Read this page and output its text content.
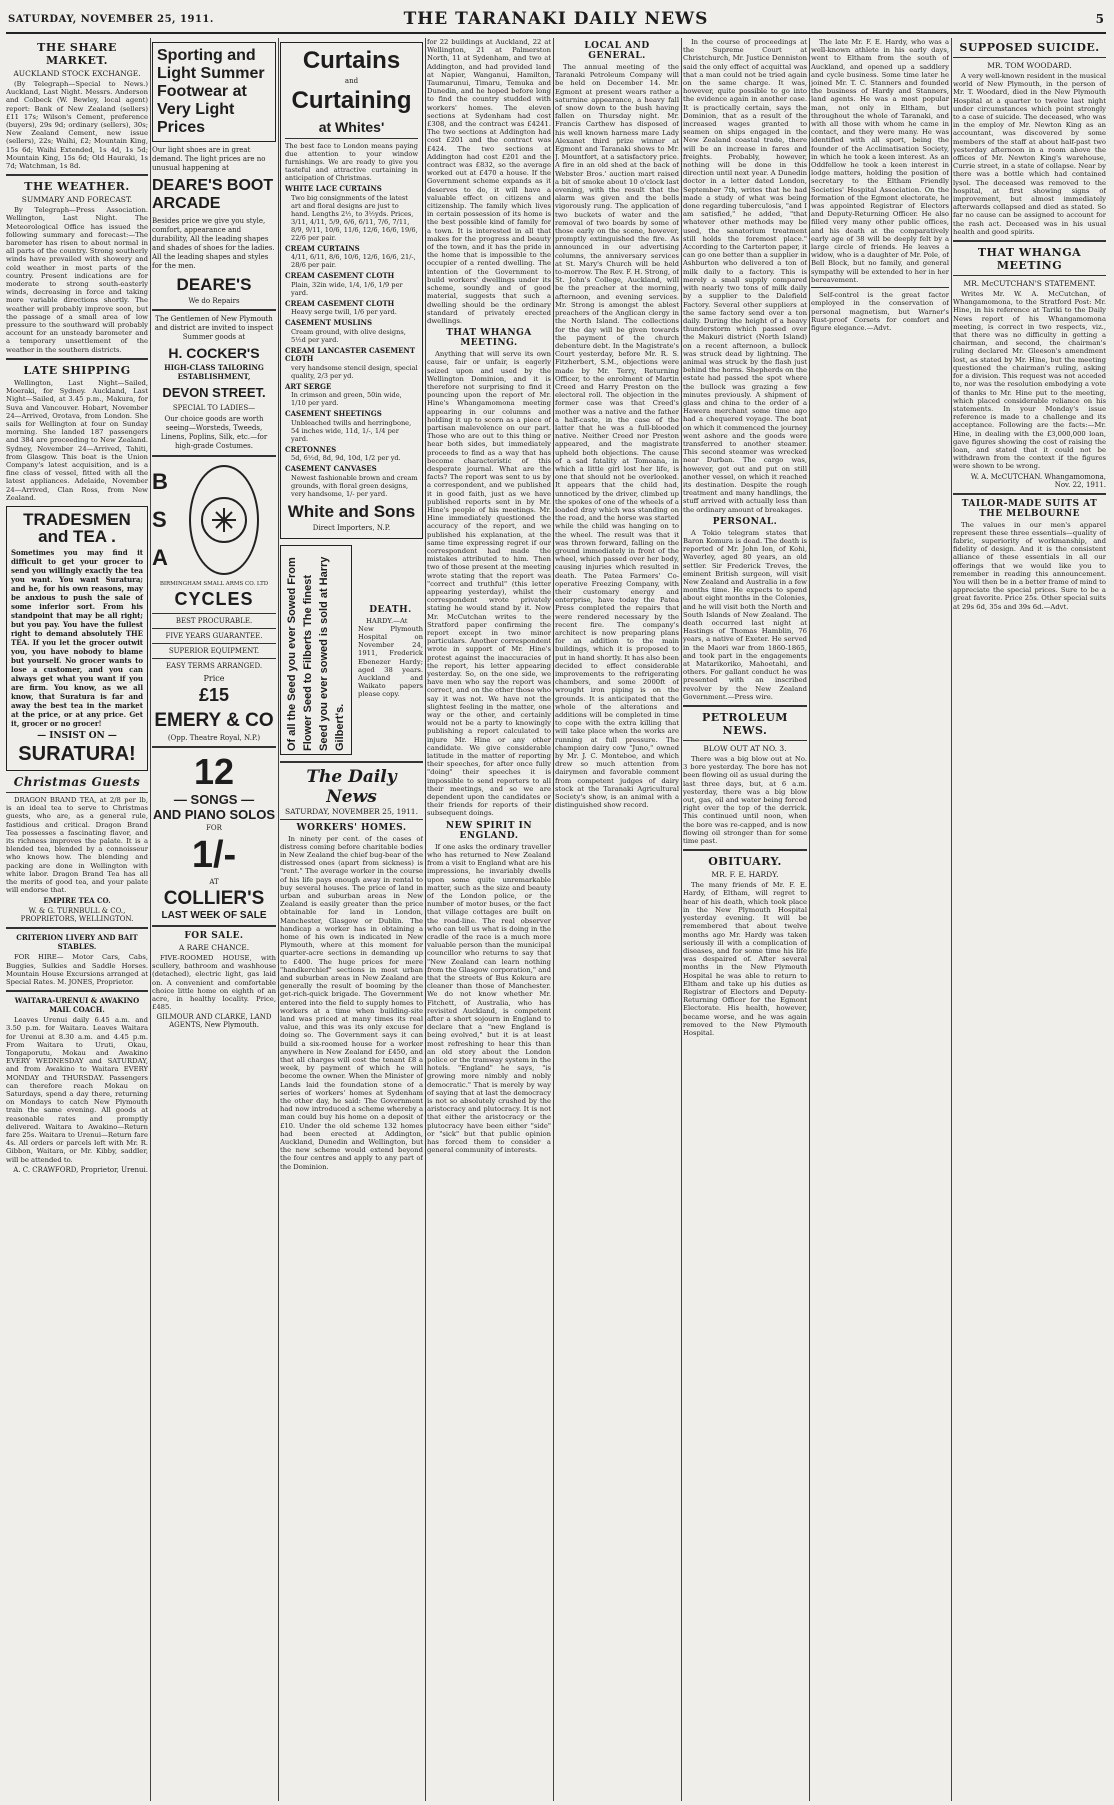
SATURDAY, NOVEMBER 25, 1911.	THE TARANAKI DAILY NEWS	5
THE SHARE MARKET.
AUCKLAND STOCK EXCHANGE.

(By Telegraph—Special to News.) Auckland, Last Night. Messrs. Anderson and Colbeck (W. Bewley, local agent) report: Bank of New Zealand (sellers) £11 17s; Wilson's Cement, preference (buyers), 29s 9d; ordinary (sellers), 30s; New Zealand Cement, new issue (sellers), 22s; Waihi, £2; Mountain King, 15s 6d; Waihi Extended, 1s 4d, 1s 5d; Mountain King, 15s 6d; Old Hauraki, 1s 7d; Watchman, 1s 8d.

THE WEATHER.
SUMMARY AND FORECAST.

By Telegraph—Press Association. Wellington, Last Night. The Meteorological Office has issued the following summary and forecast:—The barometer has risen to about normal in all parts of the country. Strong southerly winds have prevailed with showery and cold weather in most parts of the country. Present indications are for moderate to strong south-easterly winds, decreasing in force and taking more variable directions shortly. The weather will probably improve soon, but the passage of a small area of low pressure to the southward will probably account for an unsteady barometer and a temporary unsettlement of the weather in the southern districts.

LATE SHIPPING

Wellington, Last Night—Sailed, Moeraki, for Sydney. Auckland, Last Night—Sailed, at 3.45 p.m., Makura, for Suva and Vancouver. Hobart, November 24—Arrived, Orotava, from London. She sails for Wellington at four on Sunday morning. She landed 187 passengers and 384 are proceeding to New Zealand. Sydney, November 24—Arrived, Tahiti, from Glasgow. This boat is the Union Company's latest acquisition, and is a fine class of vessel, fitted with all the latest appliances. Adelaide, November 24—Arrived, Clan Ross, from New Zealand.

TRADESMEN and TEA .
Sometimes you may find it difficult to get your grocer to send you willingly exactly the tea you want. You want Suratura; and he, for his own reasons, may be anxious to push the sale of some inferior sort. From his standpoint that may be all right; but you pay. You have the fullest right to demand absolutely THE TEA. If you let the grocer outwit you, you have nobody to blame but yourself. No grocer wants to lose a customer, and you can always get what you want if you are firm. You know, as we all know, that Suratura is far and away the best tea in the market at the price, or at any price. Get it, grocer or no grocer!
— INSIST ON —
SURATURA!
Christmas Guests

DRAGON BRAND TEA, at 2/8 per lb, is an ideal tea to serve to Christmas guests, who are, as a general rule, fastidious and critical. Dragon Brand Tea possesses a fascinating flavor, and its richness improves the palate. It is a blended tea, blended by a connoisseur who knows how. The blending and packing are done in Wellington with white labor. Dragon Brand Tea has all the merits of good tea, and your palate will endorse that.

EMPIRE TEA CO.
W. & G. TURNBULL & CO., PROPRIETORS, WELLINGTON.
CRITERION LIVERY AND BAIT STABLES.

FOR HIRE— Motor Cars, Cabs, Buggies, Sulkies and Saddle Horses. Mountain House Excursions arranged at Special Rates. M. JONES, Proprietor.

WAITARA-URENUI & AWAKINO MAIL COACH.

Leaves Urenui daily 6.45 a.m. and 3.50 p.m. for Waitara. Leaves Waitara for Urenui at 8.30 a.m. and 4.45 p.m. From Waitara to Uruti, Okau, Tongaporutu, Mokau and Awakino EVERY WEDNESDAY and SATURDAY, and from Awakino to Waitara EVERY MONDAY and THURSDAY. Passengers can therefore reach Mokau on Saturdays, spend a day there, returning on Mondays to catch New Plymouth train the same evening. All goods at reasonable rates and promptly delivered. Waitara to Awakino—Return fare 25s. Waitara to Urenui—Return fare 4s. All orders or parcels left with Mr. R. Gibbon, Waitara, or Mr. Kibby, saddler, will be attended to.

A. C. CRAWFORD, Proprietor, Urenui.
Sporting and Light Summer Footwear at Very Light Prices
Our light shoes are in great demand. The light prices are no unusual happening at
DEARE'S BOOT ARCADE
Besides price we give you style, comfort, appearance and durability, All the leading shapes and shades of shoes for the ladies. All the leading shapes and styles for the men.
DEARE'S
We do Repairs
The Gentlemen of New Plymouth and district are invited to inspect Summer goods at
H. COCKER'S
HIGH-CLASS TAILORING ESTABLISHMENT,
DEVON STREET.
SPECIAL TO LADIES—
Our choice goods are worth seeing—Worsteds, Tweeds, Linens, Poplins, Silk, etc.—for high-grade Costumes.
B S A
BIRMINGHAM SMALL ARMS CO. LTD
CYCLES
BEST PROCURABLE.
FIVE YEARS GUARANTEE.
SUPERIOR EQUIPMENT.
EASY TERMS ARRANGED.
Price
£15
EMERY & CO
(Opp. Theatre Royal, N.P.)
12
— SONGS —
AND PIANO SOLOS
FOR
1/-
AT
COLLIER'S
LAST WEEK OF SALE
FOR SALE.
A RARE CHANCE.

FIVE-ROOMED HOUSE, with scullery, bathroom and washhouse (detached), electric light, gas laid on. A convenient and comfortable choice little home on eighth of an acre, in healthy locality. Price, £485.

GILMOUR AND CLARKE, LAND AGENTS, New Plymouth.
Curtains
and
Curtaining
at Whites'
The best face to London means paying due attention to your window furnishings. We are ready to give you tasteful and attractive curtaining in anticipation of Christmas.
WHITE LACE CURTAINS
Two big consignments of the latest art and floral designs are just to hand. Lengths 2½, to 3½yds. Prices, 3/11, 4/11, 5/9, 6/6, 6/11, 7/6, 7/11, 8/9, 9/11, 10/6, 11/6, 12/6, 16/6, 19/6, 22/6 per pair.
CREAM CURTAINS
4/11, 6/11, 8/6, 10/6, 12/6, 16/6, 21/-, 28/6 per pair.
CREAM CASEMENT CLOTH
Plain, 32in wide, 1/4, 1/6, 1/9 per yard.
CREAM CASEMENT CLOTH
Heavy serge twill, 1/6 per yard.
CASEMENT MUSLINS
Cream ground, with olive designs, 5½d per yard.
CREAM LANCASTER CASEMENT CLOTH
very handsome stencil design, special quality, 2/3 per yd.
ART SERGE
In crimson and green, 50in wide, 1/10 per yard.
CASEMENT SHEETINGS
Unbleached twills and herringbone, 54 inches wide, 11d, 1/-, 1/4 per yard.
CRETONNES
5d, 6½d, 8d, 9d, 10d, 1/2 per yd.
CASEMENT CANVASES
Newest fashionable brown and cream grounds, with floral green designs, very handsome, 1/- per yard.
White and Sons
Direct Importers, N.P.
Of all the Seed you ever Sowed From Flower Seed to Filberts The finest Seed you ever sowed is sold at Harry Gilbert's.
DEATH.

HARDY.—At New Plymouth Hospital on November 24, 1911, Frederick Ebenezer Hardy; aged 38 years. Auckland and Waikato papers please copy.

The Daily News
SATURDAY, NOVEMBER 25, 1911.
WORKERS' HOMES.

In ninety per cent. of the cases of distress coming before charitable bodies in New Zealand the chief bug-bear of the distressed ones (apart from sickness) is "rent." The average worker in the course of his life pays enough away in rental to buy several houses. The price of land in urban and suburban areas in New Zealand is easily greater than the price obtainable for land in London, Manchester, Glasgow or Dublin. The handicap a worker has in obtaining a home of his own is indicated in New Plymouth, where at this moment for quarter-acre sections in demanding up to £400. The huge prices for mere "handkerchief" sections in most urban and suburban areas in New Zealand are generally the result of booming by the get-rich-quick brigade. The Government entered into the field to supply homes to workers at a time when building-site land was priced at many times its real value, and this was its only excuse for doing so. The Government says it can build a six-roomed house for a worker anywhere in New Zealand for £450, and that all charges will cost the tenant £8 a week, by payment of which he will become the owner. When the Minister of Lands laid the foundation stone of a series of workers' homes at Sydenham the other day, he said: The Government had now introduced a scheme whereby a man could buy his home on a deposit of £10. Under the old scheme 132 homes had been erected at Addington, Auckland, Dunedin and Wellington, but the new scheme would extend beyond the four centres and apply to any part of the Dominion.

for 22 buildings at Auckland, 22 at Wellington, 21 at Palmerston North, 11 at Sydenham, and two at Addington, and had provided land at Napier, Wanganui, Hamilton, Taumarunui, Timaru, Temuka and Dunedin, and he hoped before long to find the country studded with workers' homes. The eleven sections at Sydenham had cost £308, and the contract was £4241. The two sections at Addington had cost £201 and the contract was £424. The two sections at Addington had cost £201 and the contract was £832, so the average worked out at £470 a house. If the Government scheme expands as it deserves to do, it will have a valuable effect on citizens and citizenship. The family which lives in certain possession of its home is the best possible kind of family for a town. It is interested in all that makes for the progress and beauty of the town, and it has the pride in the home that is impossible to the occupier of a rented dwelling. The intention of the Government to build workers' dwellings under its scheme, soundly and of good material, suggests that such a dwelling should be the ordinary standard of privately erected dwellings.

THAT WHANGA MEETING.

Anything that will serve its own cause, fair or unfair, is eagerly seized upon and used by the Wellington Dominion, and it is therefore not surprising to find it pouncing upon the report of Mr. Hine's Whangamomona meeting appearing in our columns and holding it up to scorn as a piece of partisan malevolence on our part. Those who are out to this thing or hear both sides, but immediately proceeds to find as a way that has become characteristic of this desperate journal. What are the facts? The report was sent to us by a correspondent, and we published it in good faith, just as we have published reports sent in by Mr. Hine's people of his meetings. Mr. Hine immediately questioned the accuracy of the report, and we published his explanation, at the same time expressing regret if our correspondent had made the mistakes attributed to him. Then two of those present at the meeting wrote stating that the report was "correct and truthful" (this letter appearing yesterday), whilst the correspondent wrote privately stating he would stand by it. Now Mr. McCutchan writes to the Stratford paper confirming the report except in two minor particulars. Another correspondent wrote in support of Mr. Hine's protest against the inaccuracies of the report, his letter appearing yesterday. So, on the one side, we have men who say the report was correct, and on the other those who say it was not. We have not the slightest feeling in the matter, one way or the other, and certainly would not be a party to knowingly publishing a report calculated to injure Mr. Hine or any other candidate. We give considerable latitude in the matter of reporting their speeches, for after once fully "doing" their speeches it is impossible to send reporters to all their meetings, and so we are dependent upon the candidates or their friends for reports of their subsequent doings.

NEW SPIRIT IN ENGLAND.

If one asks the ordinary traveller who has returned to New Zealand from a visit to England what are his impressions, he invariably dwells upon some quite unremarkable matter, such as the size and beauty of the London police, or the number of motor buses, or the fact that village cottages are built on the road-line. The real observer who can tell us what is doing in the cradle of the race is a much more valuable person than the municipal councillor who returns to say that "New Zealand can learn nothing from the Glasgow corporation," and that the streets of Bus Kokura are cleaner than those of Manchester. We do not know whether Mr. Fitchett, of Australia, who has revisited Auckland, is competent after a short sojourn in England to declare that a "new England is being evolved," but it is at least most refreshing to hear this than an old story about the London police or the tramway system in the hotels. "England" he says, "is growing more nimbly and nobly democratic." That is merely by way of saying that at last the democracy is not so absolutely crushed by the aristocracy and plutocracy. It is not that either the aristocracy or the plutocracy have been either "side" or "sick" but that public opinion has forced them to consider a general community of interests.

LOCAL AND GENERAL.

The annual meeting of the Taranaki Petroleum Company will be held on December 14. Mr. Egmont at present wears rather a saturnine appearance, a heavy fall of snow down to the bush having fallen on Thursday night. Mr. Francis Carthew has disposed of his well known harness mare Lady Alexanet third prize winner at Egmont and Taranaki shows to Mr. J. Mountfort, at a satisfactory price. A fire in an old shed at the back of Webster Bros.' auction mart raised a bit of smoke about 10 o'clock last evening, with the result that the alarm was given and the bells vigorously rung. The application of two buckets of water and the removal of two boards by some of those early on the scene, however, promptly extinguished the fire. As announced in our advertising columns, the anniversary services at St. Mary's Church will be held to-morrow. The Rev. F. H. Strong, of St. John's College, Auckland, will be the preacher at the morning, afternoon, and evening services. Mr. Strong is amongst the ablest preachers of the Anglican clergy in the North Island. The collections for the day will be given towards the payment of the church debenture debt. In the Magistrate's Court yesterday, before Mr. R. S. Fitzherbert, S.M., objections were made by Mr. Terry, Returning Officer, to the enrolment of Martin Creed and Harry Preston on the electoral roll. The objection in the former case was that Creed's mother was a native and the father a half-caste, in the case of the latter that he was a full-blooded native. Neither Creed nor Preston appeared, and the magistrate upheld both objections. The cause of a sad fatality at Tomoana, in which a little girl lost her life, is one that should not be overlooked. It appears that the child had, unnoticed by the driver, climbed up the spokes of one of the wheels of a loaded dray which was standing on the road, and the horse was started while the child was hanging on to the wheel. The result was that it was thrown forward, falling on the ground immediately in front of the wheel, which passed over her body, causing injuries which resulted in death. The Patea Farmers' Co-operative Freezing Company, with their customary energy and enterprise, have today the Patea Press completed the repairs that were rendered necessary by the recent fire. The company's architect is now preparing plans for an addition to the main buildings, which it is proposed to put in hand shortly. It has also been decided to effect considerable improvements to the refrigerating chambers, and some 2000ft of wrought iron piping is on the grounds. It is anticipated that the whole of the alterations and additions will be completed in time to cope with the extra killing that will take place when the works are running at full pressure. The champion dairy cow "Juno," owned by Mr. J. C. Monteboe, and which drew so much attention from dairymen and favorable comment from competent judges of dairy stock at the Taranaki Agricultural Society's show, is an animal with a distinguished show record.

In the course of proceedings at the Supreme Court at Christchurch, Mr. Justice Denniston said the only effect of acquittal was that a man could not be tried again on the same charge. It was, however, quite possible to go into the evidence again in another case. It is practically certain, says the Dominion, that as a result of the increased wages granted to seamen on ships engaged in the New Zealand coastal trade, there will be an increase in fares and freights. Probably, however, nothing will be done in this direction until next year. A Dunedin doctor in a letter dated London, September 7th, writes that he had made a study of what was being done regarding tuberculosis, "and I am satisfied," he added, "that whatever other methods may be used, the sanatorium treatment still holds the foremost place." According to the Carterton paper, it can go one better than a supplier in Ashburton who delivered a ton of milk daily to a factory. This is merely a small supply compared with nearly two tons of milk daily by a supplier to the Dalefield Factory. Several other suppliers at the same factory send over a ton daily. During the height of a heavy thunderstorm which passed over the Makuri district (North Island) on a recent afternoon, a bullock was struck dead by lightning. The animal was struck by the flash just behind the horns. Shepherds on the estate had passed the spot where the bullock was grazing a few minutes previously. A shipment of glass and china to the order of a Hawera merchant some time ago had a chequered voyage. The boat on which it commenced the journey went ashore and the goods were transferred to another steamer. This second steamer was wrecked near Durban. The cargo was, however, got out and put on still another vessel, on which it reached its destination. Despite the rough treatment and many handlings, the stuff arrived with actually less than the ordinary amount of breakages.

PERSONAL.

A Tokio telegram states that Baron Komura is dead. The death is reported of Mr. John Ion, of Kohi, Waverley, aged 80 years, an old settler. Sir Frederick Treves, the eminent British surgeon, will visit New Zealand and Australia in a few months time. He expects to spend about eight months in the Colonies, and he will visit both the North and South Islands of New Zealand. The death occurred last night at Hastings of Thomas Hamblin, 76 years, a native of Exeter. He served in the Maori war from 1860-1865, and took part in the engagements at Matarikoriko, Mahoetahi, and others. For gallant conduct he was presented with an inscribed revolver by the New Zealand Government.—Press wire.

PETROLEUM NEWS.
BLOW OUT AT NO. 3.

There was a big blow out at No. 3 bore yesterday. The bore has not been flowing oil as usual during the last three days, but, at 6 a.m. yesterday, there was a big blow out, gas, oil and water being forced right over the top of the derrick. This continued until noon, when the bore was re-capped, and is now flowing oil stronger than for some time past.

OBITUARY.
MR. F. E. HARDY.

The many friends of Mr. F. E. Hardy, of Eltham, will regret to hear of his death, which took place in the New Plymouth Hospital yesterday evening. It will be remembered that about twelve months ago Mr. Hardy was taken seriously ill with a complication of diseases, and for some time his life was despaired of. After several months in the New Plymouth Hospital he was able to return to Eltham and take up his duties as Registrar of Electors and Deputy-Returning Officer for the Egmont Electorate. His health, however, became worse, and he was again removed to the New Plymouth Hospital.

The late Mr. F. E. Hardy, who was a well-known athlete in his early days, went to Eltham from the south of Auckland, and opened up a saddlery and cycle business. Some time later he joined Mr. T. C. Stanners and founded the business of Hardy and Stanners, land agents. He was a most popular man, not only in Eltham, but throughout the whole of Taranaki, and with all those with whom he came in contact, and they were many. He was identified with all sport, being the founder of the Acclimatisation Society, in which he took a keen interest. As an Oddfellow he took a keen interest in lodge matters, holding the position of secretary to the Eltham Friendly Societies' Hospital Association. On the formation of the Egmont electorate, he was appointed Registrar of Electors and Deputy-Returning Officer. He also filled very many other public offices, and his death at the comparatively early age of 38 will be deeply felt by a large circle of friends. He leaves a widow, who is a daughter of Mr. Pole, of Bell Block, but no family, and general sympathy will be extended to her in her bereavement.

Self-control is the great factor employed in the conservation of personal magnetism, but Warner's Rust-proof Corsets for comfort and figure elegance.—Advt.

SUPPOSED SUICIDE.
MR. TOM WOODARD.

A very well-known resident in the musical world of New Plymouth, in the person of Mr. T. Woodard, died in the New Plymouth Hospital at a quarter to twelve last night under circumstances which point strongly to a case of suicide. The deceased, who was in the employ of Mr. Newton King as an accountant, was discovered by some members of the staff at about half-past two yesterday afternoon in a room above the offices of Mr. Newton King's warehouse, Currie street, in a state of collapse. Near by there was a bottle which had contained lysol. The deceased was removed to the hospital, at first showing signs of improvement, but almost immediately afterwards collapsed and died as stated. So far no cause can be assigned to account for the rash act. Deceased was in his usual health and good spirits.

THAT WHANGA MEETING
MR. McCUTCHAN'S STATEMENT.

Writes Mr. W. A. McCutchan, of Whangamomona, to the Stratford Post: Mr. Hine, in his reference at Tariki to the Daily News report of his Whangamomona meeting, is correct in two respects, viz., that there was no difficulty in getting a chairman, and second, the chairman's ruling declared Mr. Gleeson's amendment lost, as stated by Mr. Hine, but the meeting questioned the chairman's ruling, asking for a division. This request was not acceded to, nor was the resolution embodying a vote of thanks to Mr. Hine put to the meeting, which placed considerable reliance on his statements. In your Monday's issue reference is made to a challenge and its acceptance. Following are the facts:—Mr. Hine, in dealing with the £3,000,000 loan, gave figures showing the cost of raising the loan, and stated that it could not be withdrawn from the context if the figures were shown to be wrong.

W. A. McCUTCHAN. Whangamomona, Nov. 22, 1911.
TAILOR-MADE SUITS AT THE MELBOURNE

The values in our men's apparel represent these three essentials—quality of fabric, superiority of workmanship, and fidelity of design. And it is the consistent alliance of these essentials in all our offerings that we would like you to remember in reading this announcement. You will then be in a better frame of mind to appreciate the special prices. Sure to be a great favorite. Price 25s. Other special suits at 29s 6d, 35s and 39s 6d.—Advt.
